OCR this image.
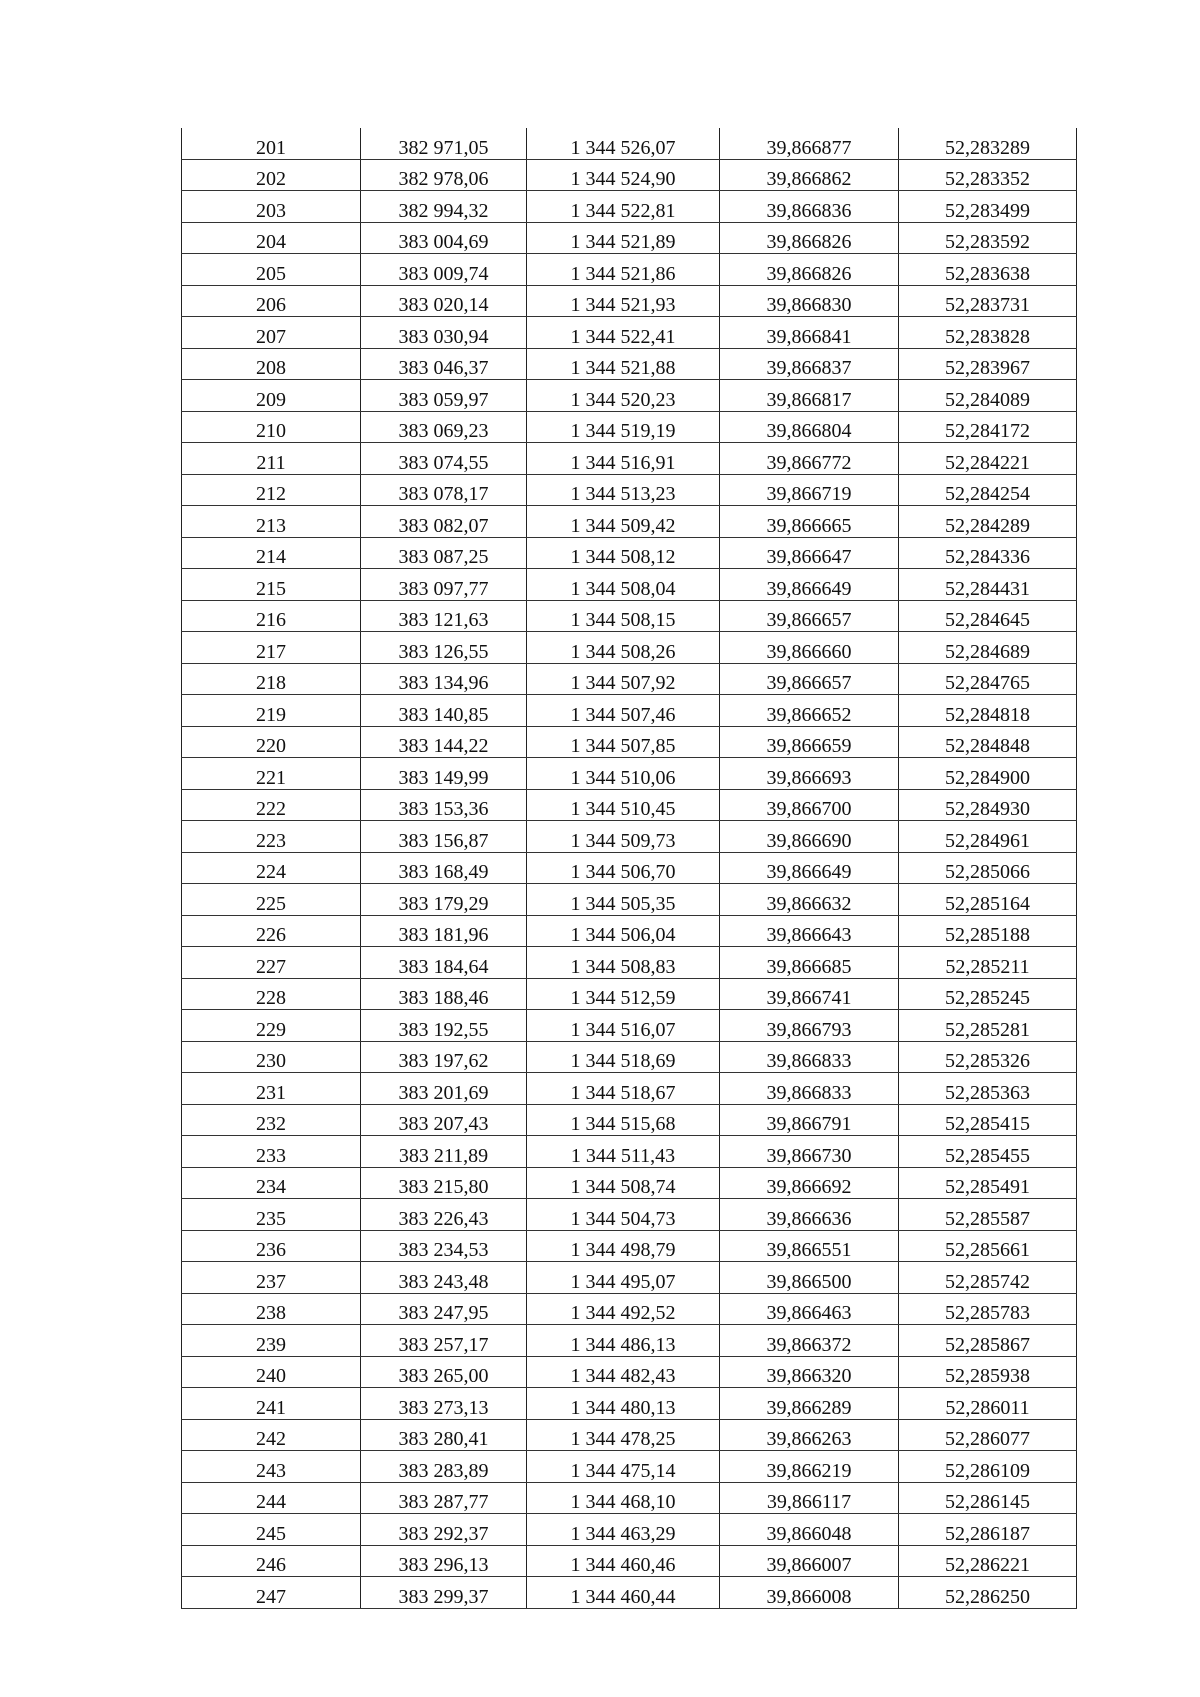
201	382 971,05	1 344 526,07	39,866877	52,283289
202	382 978,06	1 344 524,90	39,866862	52,283352
203	382 994,32	1 344 522,81	39,866836	52,283499
204	383 004,69	1 344 521,89	39,866826	52,283592
205	383 009,74	1 344 521,86	39,866826	52,283638
206	383 020,14	1 344 521,93	39,866830	52,283731
207	383 030,94	1 344 522,41	39,866841	52,283828
208	383 046,37	1 344 521,88	39,866837	52,283967
209	383 059,97	1 344 520,23	39,866817	52,284089
210	383 069,23	1 344 519,19	39,866804	52,284172
211	383 074,55	1 344 516,91	39,866772	52,284221
212	383 078,17	1 344 513,23	39,866719	52,284254
213	383 082,07	1 344 509,42	39,866665	52,284289
214	383 087,25	1 344 508,12	39,866647	52,284336
215	383 097,77	1 344 508,04	39,866649	52,284431
216	383 121,63	1 344 508,15	39,866657	52,284645
217	383 126,55	1 344 508,26	39,866660	52,284689
218	383 134,96	1 344 507,92	39,866657	52,284765
219	383 140,85	1 344 507,46	39,866652	52,284818
220	383 144,22	1 344 507,85	39,866659	52,284848
221	383 149,99	1 344 510,06	39,866693	52,284900
222	383 153,36	1 344 510,45	39,866700	52,284930
223	383 156,87	1 344 509,73	39,866690	52,284961
224	383 168,49	1 344 506,70	39,866649	52,285066
225	383 179,29	1 344 505,35	39,866632	52,285164
226	383 181,96	1 344 506,04	39,866643	52,285188
227	383 184,64	1 344 508,83	39,866685	52,285211
228	383 188,46	1 344 512,59	39,866741	52,285245
229	383 192,55	1 344 516,07	39,866793	52,285281
230	383 197,62	1 344 518,69	39,866833	52,285326
231	383 201,69	1 344 518,67	39,866833	52,285363
232	383 207,43	1 344 515,68	39,866791	52,285415
233	383 211,89	1 344 511,43	39,866730	52,285455
234	383 215,80	1 344 508,74	39,866692	52,285491
235	383 226,43	1 344 504,73	39,866636	52,285587
236	383 234,53	1 344 498,79	39,866551	52,285661
237	383 243,48	1 344 495,07	39,866500	52,285742
238	383 247,95	1 344 492,52	39,866463	52,285783
239	383 257,17	1 344 486,13	39,866372	52,285867
240	383 265,00	1 344 482,43	39,866320	52,285938
241	383 273,13	1 344 480,13	39,866289	52,286011
242	383 280,41	1 344 478,25	39,866263	52,286077
243	383 283,89	1 344 475,14	39,866219	52,286109
244	383 287,77	1 344 468,10	39,866117	52,286145
245	383 292,37	1 344 463,29	39,866048	52,286187
246	383 296,13	1 344 460,46	39,866007	52,286221
247	383 299,37	1 344 460,44	39,866008	52,286250
